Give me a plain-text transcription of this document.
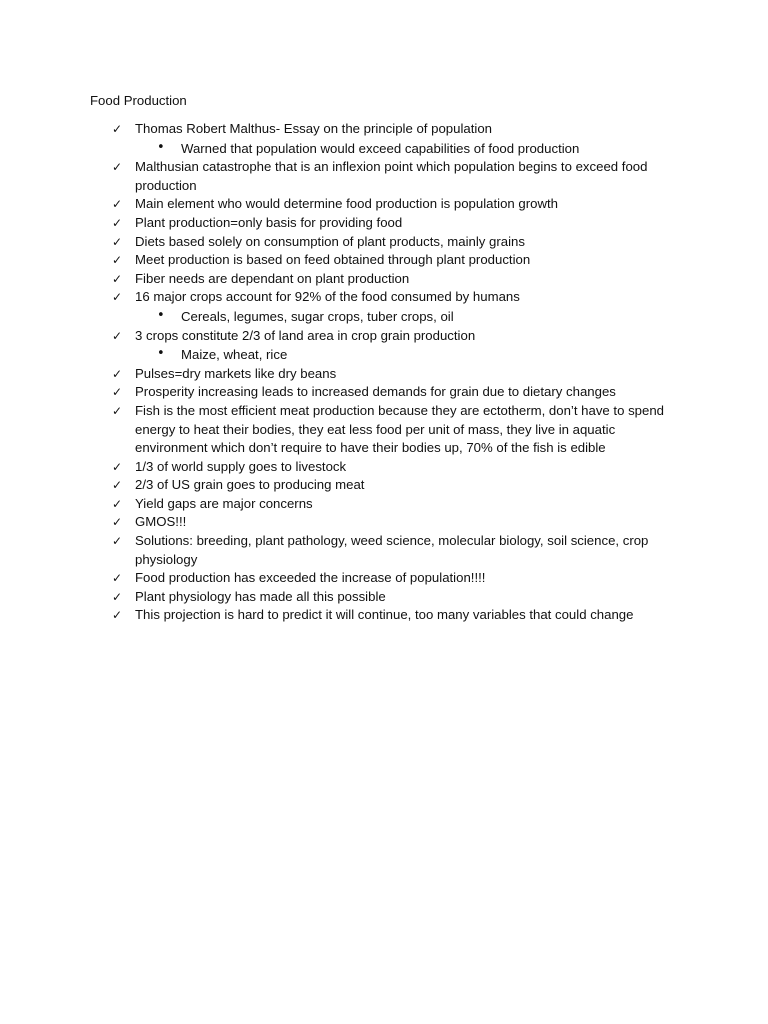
Food Production
✓ Thomas Robert Malthus- Essay on the principle of population
• Warned that population would exceed capabilities of food production
✓ Malthusian catastrophe that is an inflexion point which population begins to exceed food production
✓ Main element who would determine food production is population growth
✓ Plant production=only basis for providing food
✓ Diets based solely on consumption of plant products, mainly grains
✓ Meet production is based on feed obtained through plant production
✓ Fiber needs are dependant on plant production
✓ 16 major crops account for 92% of the food consumed by humans
• Cereals, legumes, sugar crops, tuber crops, oil
✓ 3 crops constitute 2/3 of land area in crop grain production
• Maize, wheat, rice
✓ Pulses=dry markets like dry beans
✓ Prosperity increasing leads to increased demands for grain due to dietary changes
✓ Fish is the most efficient meat production because they are ectotherm, don’t have to spend energy to heat their bodies, they eat less food per unit of mass, they live in aquatic environment which don’t require to have their bodies up, 70% of the fish is edible
✓ 1/3 of world supply goes to livestock
✓ 2/3 of US grain goes to producing meat
✓ Yield gaps are major concerns
✓ GMOS!!!
✓ Solutions: breeding, plant pathology, weed science, molecular biology, soil science, crop physiology
✓ Food production has exceeded the increase of population!!!!
✓ Plant physiology has made all this possible
✓ This projection is hard to predict it will continue, too many variables that could change
